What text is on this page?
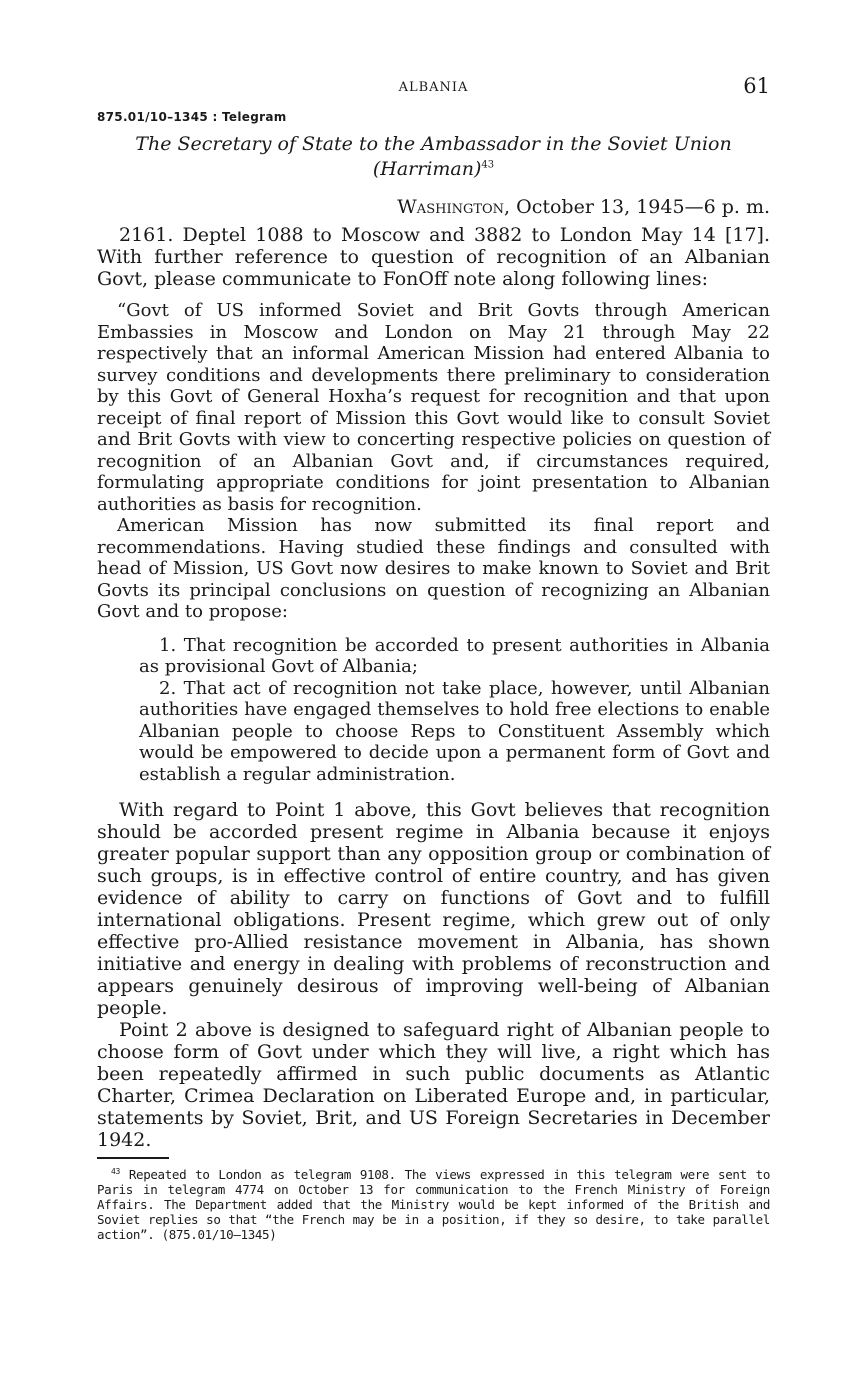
ALBANIA	61
875.01/10–1345 : Telegram
The Secretary of State to the Ambassador in the Soviet Union (Harriman)$^{43}$
Washington, October 13, 1945—6 p. m.

2161. Deptel 1088 to Moscow and 3882 to London May 14 [17]. With further reference to question of recognition of an Albanian Govt, please communicate to FonOff note along following lines:

“Govt of US informed Soviet and Brit Govts through American Embassies in Moscow and London on May 21 through May 22 respectively that an informal American Mission had entered Albania to survey conditions and developments there preliminary to consideration by this Govt of General Hoxha’s request for recognition and that upon receipt of final report of Mission this Govt would like to consult Soviet and Brit Govts with view to concerting respective policies on question of recognition of an Albanian Govt and, if circumstances required, formulating appropriate conditions for joint presentation to Albanian authorities as basis for recognition.

American Mission has now submitted its final report and recommendations. Having studied these findings and consulted with head of Mission, US Govt now desires to make known to Soviet and Brit Govts its principal conclusions on question of recognizing an Albanian Govt and to propose:

1. That recognition be accorded to present authorities in Albania as provisional Govt of Albania;

2. That act of recognition not take place, however, until Albanian authorities have engaged themselves to hold free elections to enable Albanian people to choose Reps to Constituent Assembly which would be empowered to decide upon a permanent form of Govt and establish a regular administration.

With regard to Point 1 above, this Govt believes that recognition should be accorded present regime in Albania because it enjoys greater popular support than any opposition group or combination of such groups, is in effective control of entire country, and has given evidence of ability to carry on functions of Govt and to fulfill international obligations. Present regime, which grew out of only effective pro-Allied resistance movement in Albania, has shown initiative and energy in dealing with problems of reconstruction and appears genuinely desirous of improving well-being of Albanian people.

Point 2 above is designed to safeguard right of Albanian people to choose form of Govt under which they will live, a right which has been repeatedly affirmed in such public documents as Atlantic Charter, Crimea Declaration on Liberated Europe and, in particular, statements by Soviet, Brit, and US Foreign Secretaries in December 1942.

$^{43}$ Repeated to London as telegram 9108. The views expressed in this telegram were sent to Paris in telegram 4774 on October 13 for communication to the French Ministry of Foreign Affairs. The Department added that the Ministry would be kept informed of the British and Soviet replies so that “the French may be in a position, if they so desire, to take parallel action”. (875.01/10–1345)
